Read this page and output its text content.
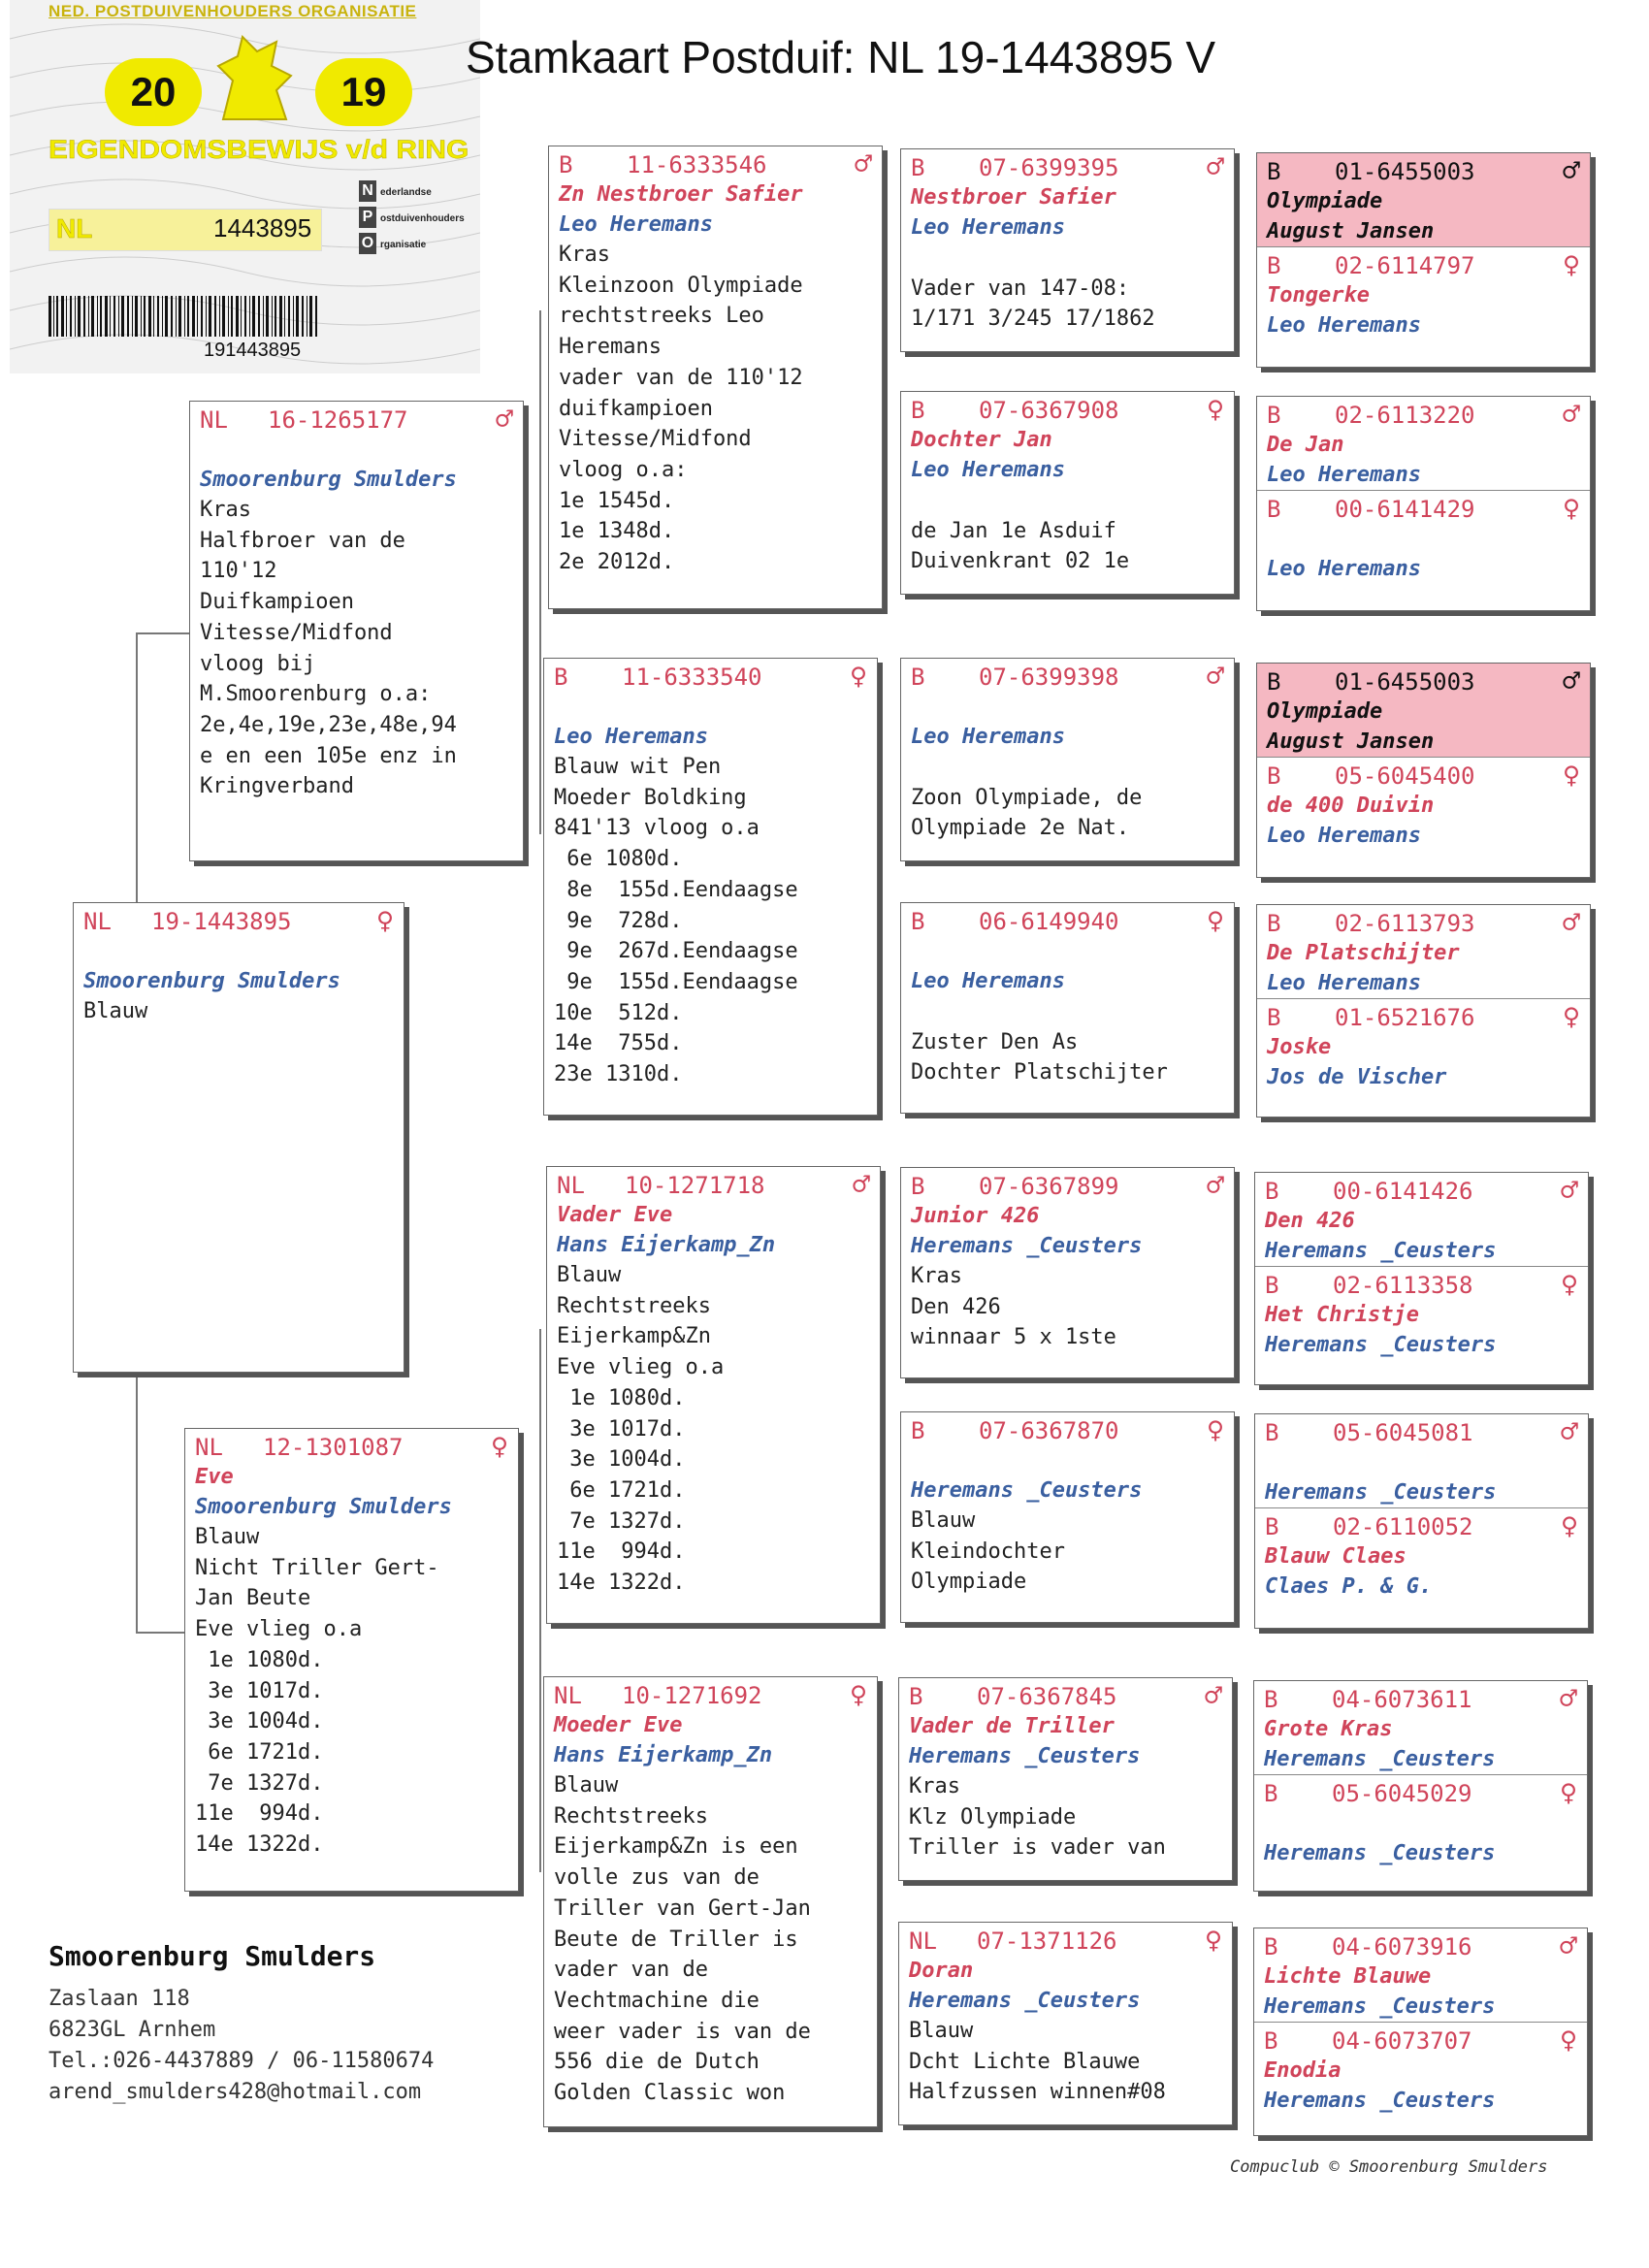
NED. POSTDUIVENHOUDERS ORGANISATIE
20	19
EIGENDOMSBEWIJS v/d RING
NL	1443895
N ederlandse
P ostduivenhouders
O rganisatie
191443895
Stamkaart Postduif: NL 19-1443895 V
NL	19-1443895	♀
Smoorenburg Smulders
Blauw
NL	16-1265177	♂
Smoorenburg Smulders
Kras
Halfbroer van de
110'12
Duifkampioen
Vitesse/Midfond
vloog bij
M.Smoorenburg o.a:
2e,4e,19e,23e,48e,94
e en een 105e enz in
Kringverband
NL	12-1301087	♀
Eve
Smoorenburg Smulders
Blauw
Nicht Triller Gert-
Jan Beute
Eve vlieg o.a
1e 1080d.
3e 1017d.
3e 1004d.
6e 1721d.
7e 1327d.
11e  994d.
14e 1322d.
B	11-6333546	♂
Zn Nestbroer Safier
Leo Heremans
Kras
Kleinzoon Olympiade
rechtstreeks Leo
Heremans
vader van de 110'12
duifkampioen
Vitesse/Midfond
vloog o.a:
1e 1545d.
1e 1348d.
2e 2012d.
B	11-6333540	♀
Leo Heremans
Blauw wit Pen
Moeder Boldking
841'13 vloog o.a
6e 1080d.
8e  155d.Eendaagse
9e  728d.
9e  267d.Eendaagse
9e  155d.Eendaagse
10e  512d.
14e  755d.
23e 1310d.
NL	10-1271718	♂
Vader Eve
Hans Eijerkamp_Zn
Blauw
Rechtstreeks
Eijerkamp&Zn
Eve vlieg o.a
1e 1080d.
3e 1017d.
3e 1004d.
6e 1721d.
7e 1327d.
11e  994d.
14e 1322d.
NL	10-1271692	♀
Moeder Eve
Hans Eijerkamp_Zn
Blauw
Rechtstreeks
Eijerkamp&Zn is een
volle zus van de
Triller van Gert-Jan
Beute de Triller is
vader van de
Vechtmachine die
weer vader is van de
556 die de Dutch
Golden Classic won
B	07-6399395	♂
Nestbroer Safier
Leo Heremans

Vader van 147-08:
1/171 3/245 17/1862
B	07-6367908	♀
Dochter Jan
Leo Heremans

de Jan 1e Asduif
Duivenkrant 02 1e
B	07-6399398	♂
Leo Heremans

Zoon Olympiade, de
Olympiade 2e Nat.
B	06-6149940	♀
Leo Heremans

Zuster Den As
Dochter Platschijter
B	07-6367899	♂
Junior 426
Heremans _Ceusters
Kras
Den 426
winnaar 5 x 1ste
B	07-6367870	♀
Heremans _Ceusters
Blauw
Kleindochter
Olympiade
B	07-6367845	♂
Vader de Triller
Heremans _Ceusters
Kras
Klz Olympiade
Triller is vader van
NL	07-1371126	♀
Doran
Heremans _Ceusters
Blauw
Dcht Lichte Blauwe
Halfzussen winnen#08
B	01-6455003	♂
Olympiade
August Jansen
B	02-6114797	♀
Tongerke
Leo Heremans
B	02-6113220	♂
De Jan
Leo Heremans
B	00-6141429	♀
Leo Heremans
B	01-6455003	♂
Olympiade
August Jansen
B	05-6045400	♀
de 400 Duivin
Leo Heremans
B	02-6113793	♂
De Platschijter
Leo Heremans
B	01-6521676	♀
Joske
Jos de Vischer
B	00-6141426	♂
Den 426
Heremans _Ceusters
B	02-6113358	♀
Het Christje
Heremans _Ceusters
B	05-6045081	♂
Heremans _Ceusters
B	02-6110052	♀
Blauw Claes
Claes P. & G.
B	04-6073611	♂
Grote Kras
Heremans _Ceusters
B	05-6045029	♀
Heremans _Ceusters
B	04-6073916	♂
Lichte Blauwe
Heremans _Ceusters
B	04-6073707	♀
Enodia
Heremans _Ceusters
Smoorenburg Smulders
Zaslaan 118
6823GL Arnhem
Tel.:026-4437889 / 06-11580674
arend_smulders428@hotmail.com
Compuclub © Smoorenburg Smulders
